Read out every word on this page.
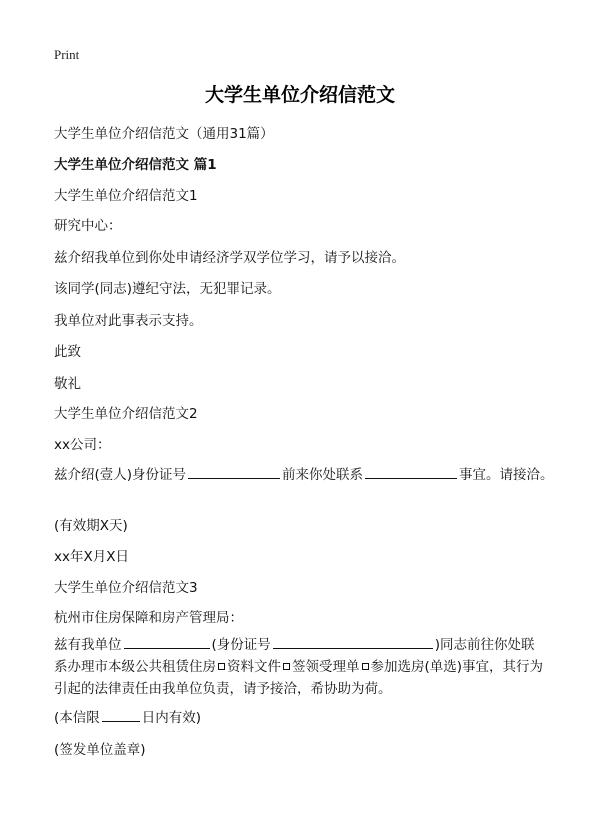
Print
大学生单位介绍信范文
大学生单位介绍信范文（通用31篇）
大学生单位介绍信范文 篇1
大学生单位介绍信范文1
研究中心：
兹介绍我单位到你处申请经济学双学位学习，请予以接洽。
该同学(同志)遵纪守法，无犯罪记录。
我单位对此事表示支持。
此致
敬礼
大学生单位介绍信范文2
xx公司：
兹介绍(壹人)身份证号	前来你处联系	事宜。请接洽。
(有效期X天)
xx年X月X日
大学生单位介绍信范文3
杭州市住房保障和房产管理局：
兹有我单位	(身份证号	)同志前往你处联系办理市本级公共租赁住房 资料文件 签领受理单 参加选房(单选)事宜，其行为引起的法律责任由我单位负责，请予接洽，希协助为荷。
(本信限	日内有效)
(签发单位盖章)
